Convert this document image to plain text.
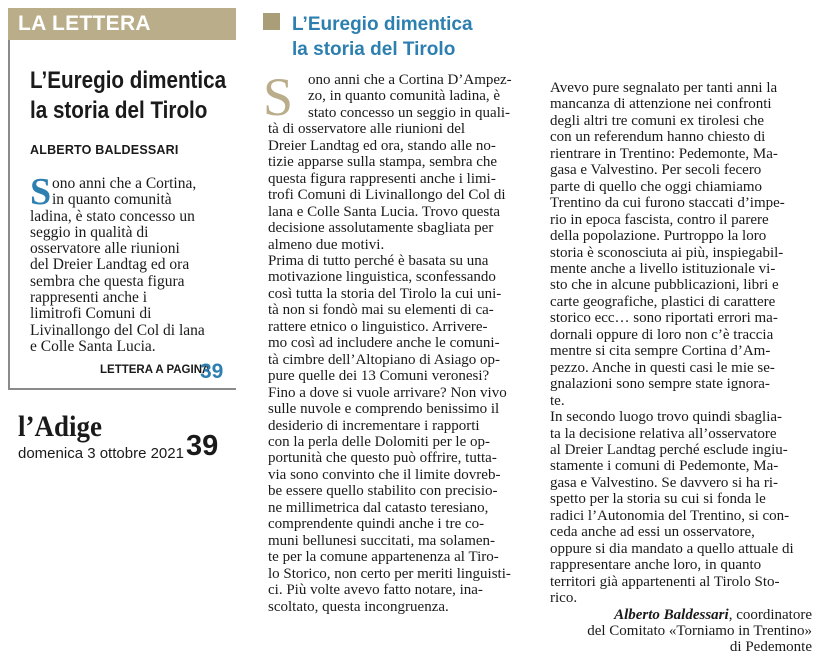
LA LETTERA
L’Euregio dimentica
la storia del Tirolo
ALBERTO BALDESSARI
S ono anni che a Cortina,
in quanto comunità
ladina, è stato concesso un
seggio in qualità di
osservatore alle riunioni
del Dreier Landtag ed ora
sembra che questa figura
rappresenti anche i
limitrofi Comuni di
Livinallongo del Col di lana
e Colle Santa Lucia.
LETTERA A PAGINA
39
l’Adige
domenica 3 ottobre 2021 39
L’Euregio dimentica
la storia del Tirolo
S ono anni che a Cortina D’Ampez-
zo, in quanto comunità ladina, è
stato concesso un seggio in quali-
tà di osservatore alle riunioni del
Dreier Landtag ed ora, stando alle no-
tizie apparse sulla stampa, sembra che
questa figura rappresenti anche i limi-
trofi Comuni di Livinallongo del Col di
lana e Colle Santa Lucia. Trovo questa
decisione assolutamente sbagliata per
almeno due motivi.
Prima di tutto perché è basata su una
motivazione linguistica, sconfessando
così tutta la storia del Tirolo la cui uni-
tà non si fondò mai su elementi di ca-
rattere etnico o linguistico. Arrivere-
mo così ad includere anche le comuni-
tà cimbre dell’Altopiano di Asiago op-
pure quelle dei 13 Comuni veronesi?
Fino a dove si vuole arrivare? Non vivo
sulle nuvole e comprendo benissimo il
desiderio di incrementare i rapporti
con la perla delle Dolomiti per le op-
portunità che questo può offrire, tutta-
via sono convinto che il limite dovreb-
be essere quello stabilito con precisio-
ne millimetrica dal catasto teresiano,
comprendente quindi anche i tre co-
muni bellunesi succitati, ma solamen-
te per la comune appartenenza al Tiro-
lo Storico, non certo per meriti linguisti-
ci. Più volte avevo fatto notare, ina-
scoltato, questa incongruenza.
Avevo pure segnalato per tanti anni la
mancanza di attenzione nei confronti
degli altri tre comuni ex tirolesi che
con un referendum hanno chiesto di
rientrare in Trentino: Pedemonte, Ma-
gasa e Valvestino. Per secoli fecero
parte di quello che oggi chiamiamo
Trentino da cui furono staccati d’impe-
rio in epoca fascista, contro il parere
della popolazione. Purtroppo la loro
storia è sconosciuta ai più, inspiegabil-
mente anche a livello istituzionale vi-
sto che in alcune pubblicazioni, libri e
carte geografiche, plastici di carattere
storico ecc… sono riportati errori ma-
dornali oppure di loro non c’è traccia
mentre si cita sempre Cortina d’Am-
pezzo. Anche in questi casi le mie se-
gnalazioni sono sempre state ignora-
te.
In secondo luogo trovo quindi sbaglia-
ta la decisione relativa all’osservatore
al Dreier Landtag perché esclude ingiu-
stamente i comuni di Pedemonte, Ma-
gasa e Valvestino. Se davvero si ha ri-
spetto per la storia su cui si fonda le
radici l’Autonomia del Trentino, si con-
ceda anche ad essi un osservatore,
oppure si dia mandato a quello attuale di
rappresentare anche loro, in quanto
territori già appartenenti al Tirolo Sto-
rico.
Alberto Baldessari, coordinatore
del Comitato «Torniamo in Trentino»
di Pedemonte
